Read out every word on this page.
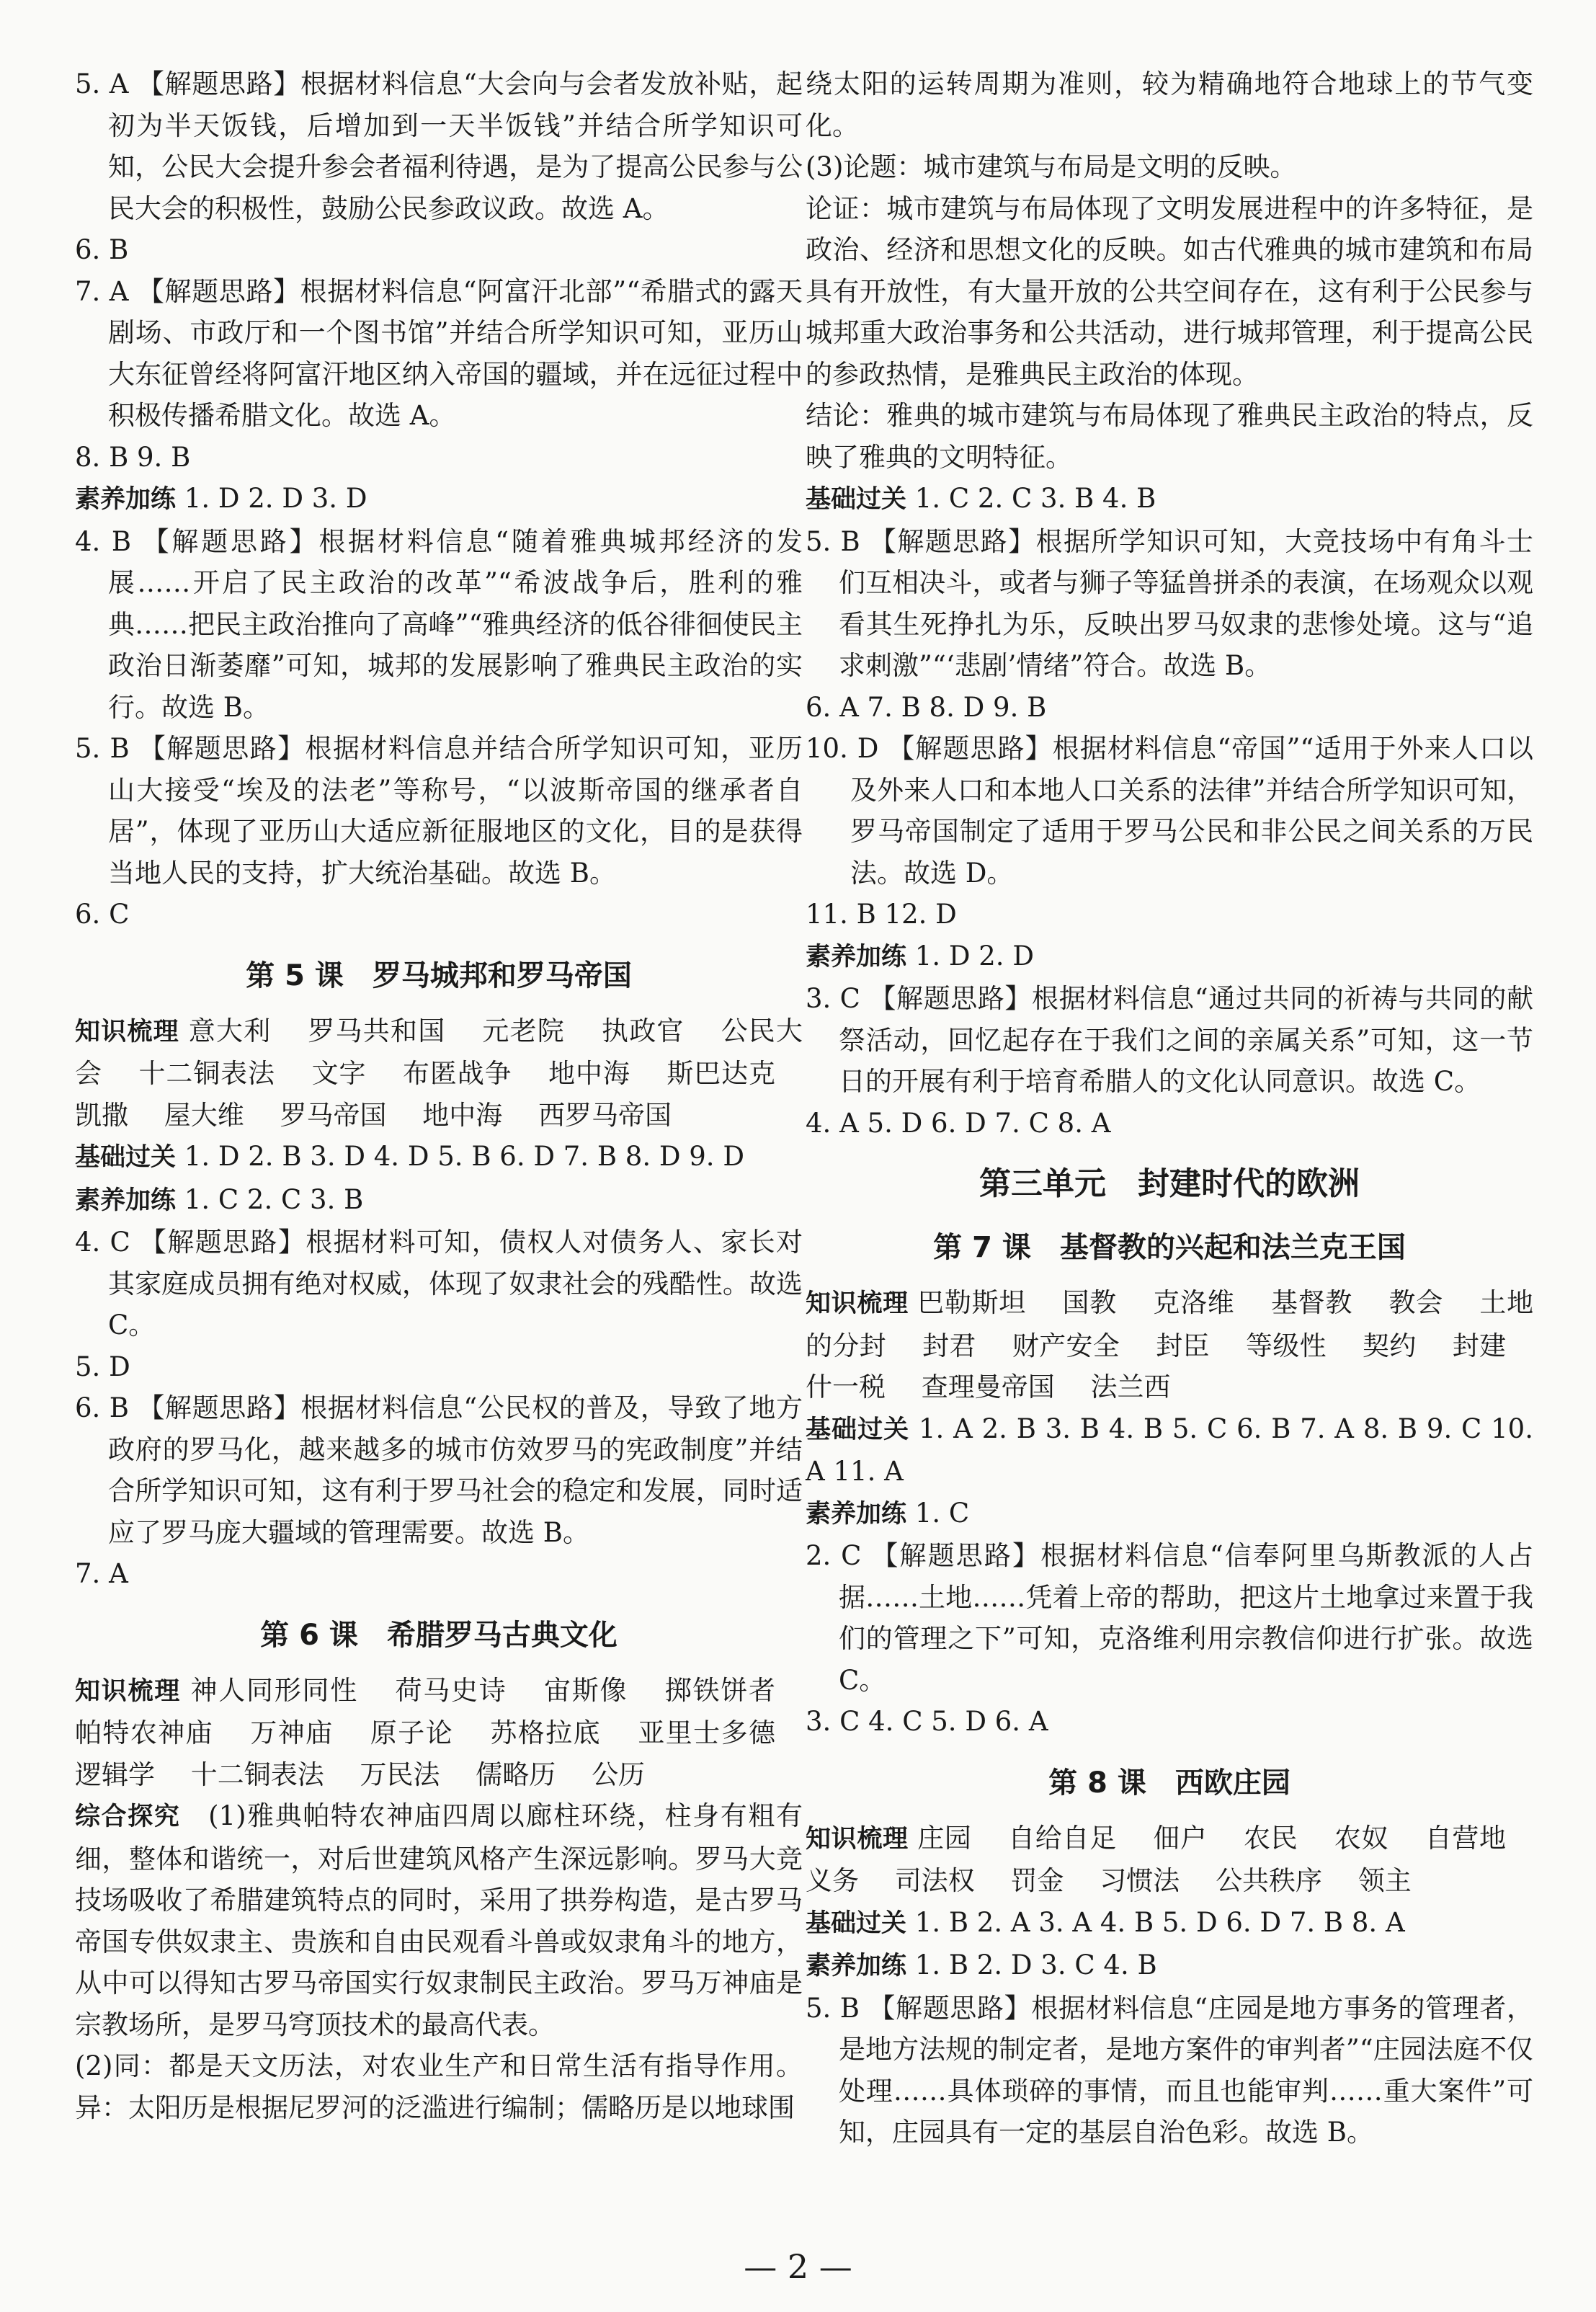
5. A 【解题思路】根据材料信息“大会向与会者发放补贴，起初为半天饭钱，后增加到一天半饭钱”并结合所学知识可知，公民大会提升参会者福利待遇，是为了提高公民参与公民大会的积极性，鼓励公民参政议政。故选 A。

6. B

7. A 【解题思路】根据材料信息“阿富汗北部”“希腊式的露天剧场、市政厅和一个图书馆”并结合所学知识可知，亚历山大东征曾经将阿富汗地区纳入帝国的疆域，并在远征过程中积极传播希腊文化。故选 A。

8. B 9. B

素养加练 1. D 2. D 3. D

4. B 【解题思路】根据材料信息“随着雅典城邦经济的发展……开启了民主政治的改革”“希波战争后，胜利的雅典……把民主政治推向了高峰”“雅典经济的低谷徘徊使民主政治日渐萎靡”可知，城邦的发展影响了雅典民主政治的实行。故选 B。

5. B 【解题思路】根据材料信息并结合所学知识可知，亚历山大接受“埃及的法老”等称号，“以波斯帝国的继承者自居”，体现了亚历山大适应新征服地区的文化，目的是获得当地人民的支持，扩大统治基础。故选 B。

6. C

第 5 课　罗马城邦和罗马帝国

知识梳理 意大利 罗马共和国 元老院 执政官 公民大会 十二铜表法 文字 布匿战争 地中海 斯巴达克 凯撒 屋大维 罗马帝国 地中海 西罗马帝国

基础过关 1. D 2. B 3. D 4. D 5. B 6. D 7. B 8. D 9. D

素养加练 1. C 2. C 3. B

4. C 【解题思路】根据材料可知，债权人对债务人、家长对其家庭成员拥有绝对权威，体现了奴隶社会的残酷性。故选 C。

5. D

6. B 【解题思路】根据材料信息“公民权的普及，导致了地方政府的罗马化，越来越多的城市仿效罗马的宪政制度”并结合所学知识可知，这有利于罗马社会的稳定和发展，同时适应了罗马庞大疆域的管理需要。故选 B。

7. A

第 6 课　希腊罗马古典文化

知识梳理 神人同形同性 荷马史诗 宙斯像 掷铁饼者 帕特农神庙 万神庙 原子论 苏格拉底 亚里士多德 逻辑学 十二铜表法 万民法 儒略历 公历

综合探究　 (1)雅典帕特农神庙四周以廊柱环绕，柱身有粗有细，整体和谐统一，对后世建筑风格产生深远影响。罗马大竞技场吸收了希腊建筑特点的同时，采用了拱券构造，是古罗马帝国专供奴隶主、贵族和自由民观看斗兽或奴隶角斗的地方，从中可以得知古罗马帝国实行奴隶制民主政治。罗马万神庙是宗教场所，是罗马穹顶技术的最高代表。

(2)同：都是天文历法，对农业生产和日常生活有指导作用。异：太阳历是根据尼罗河的泛滥进行编制；儒略历是以地球围

绕太阳的运转周期为准则，较为精确地符合地球上的节气变化。

(3)论题：城市建筑与布局是文明的反映。

论证：城市建筑与布局体现了文明发展进程中的许多特征，是政治、经济和思想文化的反映。如古代雅典的城市建筑和布局具有开放性，有大量开放的公共空间存在，这有利于公民参与城邦重大政治事务和公共活动，进行城邦管理，利于提高公民的参政热情，是雅典民主政治的体现。

结论：雅典的城市建筑与布局体现了雅典民主政治的特点，反映了雅典的文明特征。

基础过关 1. C 2. C 3. B 4. B

5. B 【解题思路】根据所学知识可知，大竞技场中有角斗士们互相决斗，或者与狮子等猛兽拼杀的表演，在场观众以观看其生死挣扎为乐，反映出罗马奴隶的悲惨处境。这与“追求刺激”“‘悲剧’情绪”符合。故选 B。

6. A 7. B 8. D 9. B

10. D 【解题思路】根据材料信息“帝国”“适用于外来人口以及外来人口和本地人口关系的法律”并结合所学知识可知，罗马帝国制定了适用于罗马公民和非公民之间关系的万民法。故选 D。

11. B 12. D

素养加练 1. D 2. D

3. C 【解题思路】根据材料信息“通过共同的祈祷与共同的献祭活动，回忆起存在于我们之间的亲属关系”可知，这一节日的开展有利于培育希腊人的文化认同意识。故选 C。

4. A 5. D 6. D 7. C 8. A

第三单元　封建时代的欧洲
第 7 课　基督教的兴起和法兰克王国

知识梳理 巴勒斯坦 国教 克洛维 基督教 教会 土地的分封 封君 财产安全 封臣 等级性 契约 封建 什一税 查理曼帝国 法兰西

基础过关 1. A 2. B 3. B 4. B 5. C 6. B 7. A 8. B 9. C 10. A 11. A

素养加练 1. C

2. C 【解题思路】根据材料信息“信奉阿里乌斯教派的人占据……土地……凭着上帝的帮助，把这片土地拿过来置于我们的管理之下”可知，克洛维利用宗教信仰进行扩张。故选 C。

3. C 4. C 5. D 6. A

第 8 课　西欧庄园

知识梳理 庄园 自给自足 佃户 农民 农奴 自营地 义务 司法权 罚金 习惯法 公共秩序 领主

基础过关 1. B 2. A 3. A 4. B 5. D 6. D 7. B 8. A

素养加练 1. B 2. D 3. C 4. B

5. B 【解题思路】根据材料信息“庄园是地方事务的管理者，是地方法规的制定者，是地方案件的审判者”“庄园法庭不仅处理……具体琐碎的事情，而且也能审判……重大案件”可知，庄园具有一定的基层自治色彩。故选 B。

— 2 —
